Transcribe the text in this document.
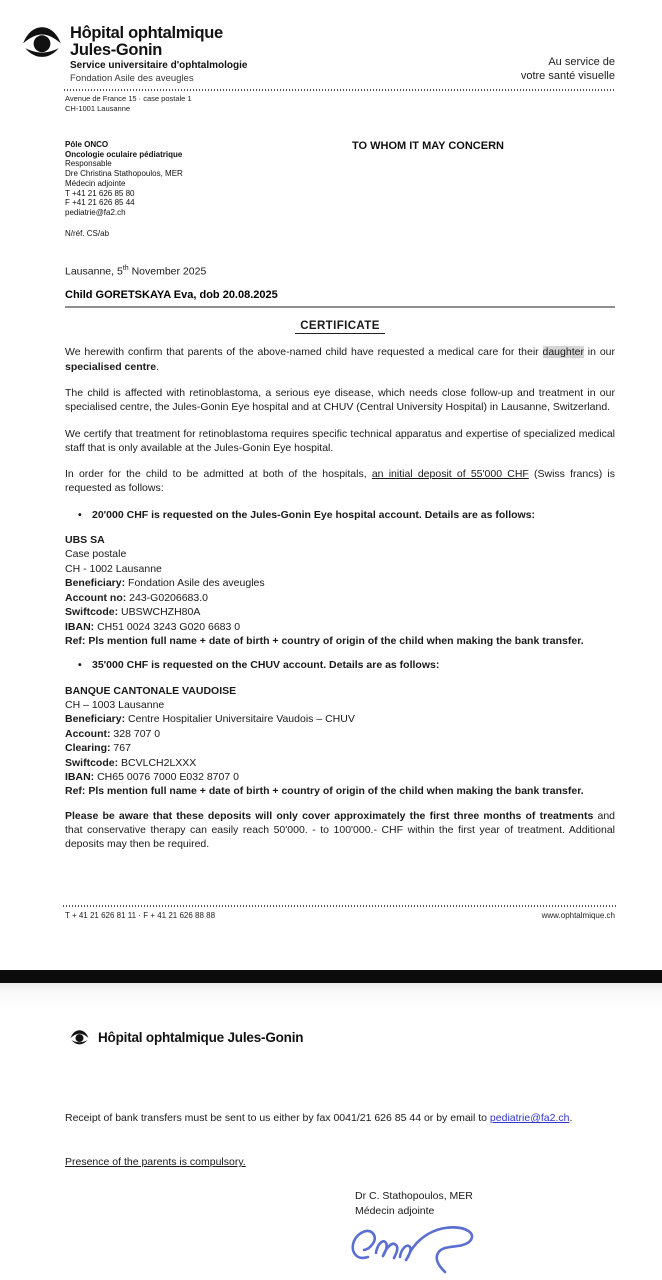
Hôpital ophtalmique
Jules-Gonin
Service universitaire d'ophtalmologie
Fondation Asile des aveugles
Au service de
votre santé visuelle
Avenue de France 15 · case postale 1
CH-1001 Lausanne
Pôle ONCO
Oncologie oculaire pédiatrique
Responsable
Dre Christina Stathopoulos, MER
Médecin adjointe
T +41 21 626 85 80
F +41 21 626 85 44
pediatrie@fa2.ch
TO WHOM IT MAY CONCERN
N/réf. CS/ab
Lausanne, 5th November 2025
Child GORETSKAYA Eva, dob 20.08.2025
CERTIFICATE

We herewith confirm that parents of the above-named child have requested a medical care for their daughter in our specialised centre.

The child is affected with retinoblastoma, a serious eye disease, which needs close follow-up and treatment in our specialised centre, the Jules-Gonin Eye hospital and at CHUV (Central University Hospital) in Lausanne, Switzerland.

We certify that treatment for retinoblastoma requires specific technical apparatus and expertise of specialized medical staff that is only available at the Jules-Gonin Eye hospital.

In order for the child to be admitted at both of the hospitals, an initial deposit of 55'000 CHF (Swiss francs) is requested as follows:

• 20'000 CHF is requested on the Jules-Gonin Eye hospital account. Details are as follows:
UBS SA
Case postale
CH - 1002 Lausanne
Beneficiary: Fondation Asile des aveugles
Account no: 243-G0206683.0
Swiftcode: UBSWCHZH80A
IBAN: CH51 0024 3243 G020 6683 0
Ref: Pls mention full name + date of birth + country of origin of the child when making the bank transfer.
• 35'000 CHF is requested on the CHUV account. Details are as follows:
BANQUE CANTONALE VAUDOISE
CH – 1003 Lausanne
Beneficiary: Centre Hospitalier Universitaire Vaudois – CHUV
Account: 328 707 0
Clearing: 767
Swiftcode: BCVLCH2LXXX
IBAN: CH65 0076 7000 E032 8707 0
Ref: Pls mention full name + date of birth + country of origin of the child when making the bank transfer.

Please be aware that these deposits will only cover approximately the first three months of treatments and that conservative therapy can easily reach 50'000. - to 100'000.- CHF within the first year of treatment. Additional deposits may then be required.

T + 41 21 626 81 11 · F + 41 21 626 88 88	www.ophtalmique.ch
Hôpital ophtalmique Jules-Gonin
Receipt of bank transfers must be sent to us either by fax 0041/21 626 85 44 or by email to pediatrie@fa2.ch.
Presence of the parents is compulsory.
Dr C. Stathopoulos, MER
Médecin adjointe
